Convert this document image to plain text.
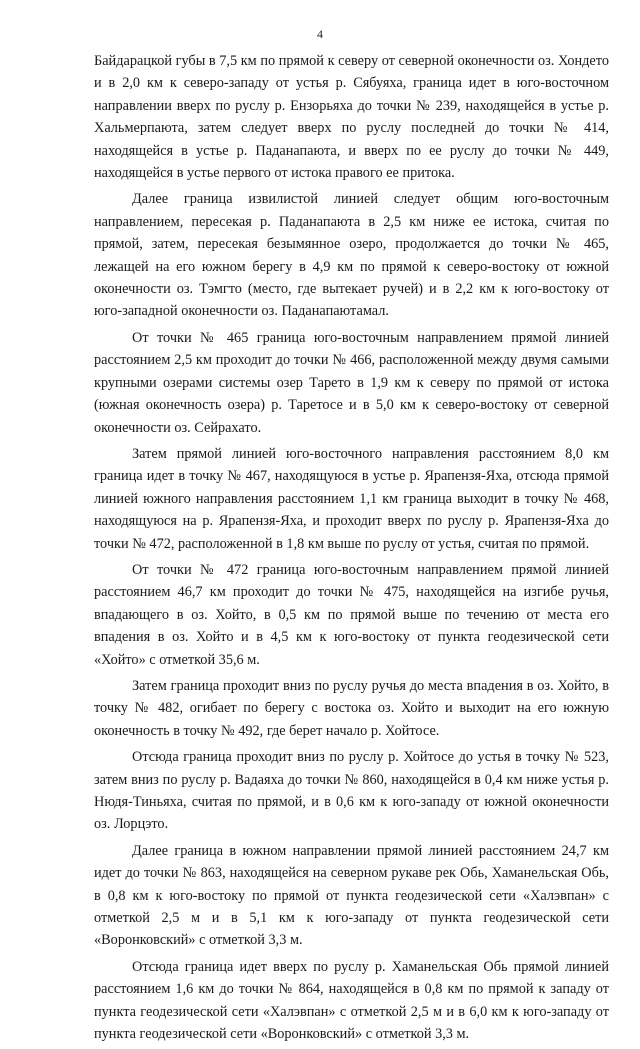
4

Байдарацкой губы в 7,5 км по прямой к северу от северной оконечности оз. Хондето и в 2,0 км к северо-западу от устья р. Сябуяха, граница идет в юго-восточном направлении вверх по руслу р. Ензорьяха до точки № 239, находящейся в устье р. Хальмерпаюта, затем следует вверх по руслу последней до точки № 414, находящейся в устье р. Паданапаюта, и вверх по ее руслу до точки № 449, находящейся в устье первого от истока правого ее притока.

Далее граница извилистой линией следует общим юго-восточным направлением, пересекая р. Паданапаюта в 2,5 км ниже ее истока, считая по прямой, затем, пересекая безымянное озеро, продолжается до точки № 465, лежащей на его южном берегу в 4,9 км по прямой к северо-востоку от южной оконечности оз. Тэмгто (место, где вытекает ручей) и в 2,2 км к юго-востоку от юго-западной оконечности оз. Паданапаютамал.

От точки № 465 граница юго-восточным направлением прямой линией расстоянием 2,5 км проходит до точки № 466, расположенной между двумя самыми крупными озерами системы озер Тарето в 1,9 км к северу по прямой от истока (южная оконечность озера) р. Таретосе и в 5,0 км к северо-востоку от северной оконечности оз. Сейрахато.

Затем прямой линией юго-восточного направления расстоянием 8,0 км граница идет в точку № 467, находящуюся в устье р. Ярапензя-Яха, отсюда прямой линией южного направления расстоянием 1,1 км граница выходит в точку № 468, находящуюся на р. Ярапензя-Яха, и проходит вверх по руслу р. Ярапензя-Яха до точки № 472, расположенной в 1,8 км выше по руслу от устья, считая по прямой.

От точки № 472 граница юго-восточным направлением прямой линией расстоянием 46,7 км проходит до точки № 475, находящейся на изгибе ручья, впадающего в оз. Хойто, в 0,5 км по прямой выше по течению от места его впадения в оз. Хойто и в 4,5 км к юго-востоку от пункта геодезической сети «Хойто» с отметкой 35,6 м.

Затем граница проходит вниз по руслу ручья до места впадения в оз. Хойто, в точку № 482, огибает по берегу с востока оз. Хойто и выходит на его южную оконечность в точку № 492, где берет начало р. Хойтосе.

Отсюда граница проходит вниз по руслу р. Хойтосе до устья в точку № 523, затем вниз по руслу р. Вадаяха до точки № 860, находящейся в 0,4 км ниже устья р. Нюдя-Тиньяха, считая по прямой, и в 0,6 км к юго-западу от южной оконечности оз. Лорцэто.

Далее граница в южном направлении прямой линией расстоянием 24,7 км идет до точки № 863, находящейся на северном рукаве рек Обь, Хаманельская Обь, в 0,8 км к юго-востоку по прямой от пункта геодезической сети «Халэвпан» с отметкой 2,5 м и в 5,1 км к юго-западу от пункта геодезической сети «Воронковский» с отметкой 3,3 м.

Отсюда граница идет вверх по руслу р. Хаманельская Обь прямой линией расстоянием 1,6 км до точки № 864, находящейся в 0,8 км по прямой к западу от пункта геодезической сети «Халэвпан» с отметкой 2,5 м и в 6,0 км к юго-западу от пункта геодезической сети «Воронковский» с отметкой 3,3 м.
